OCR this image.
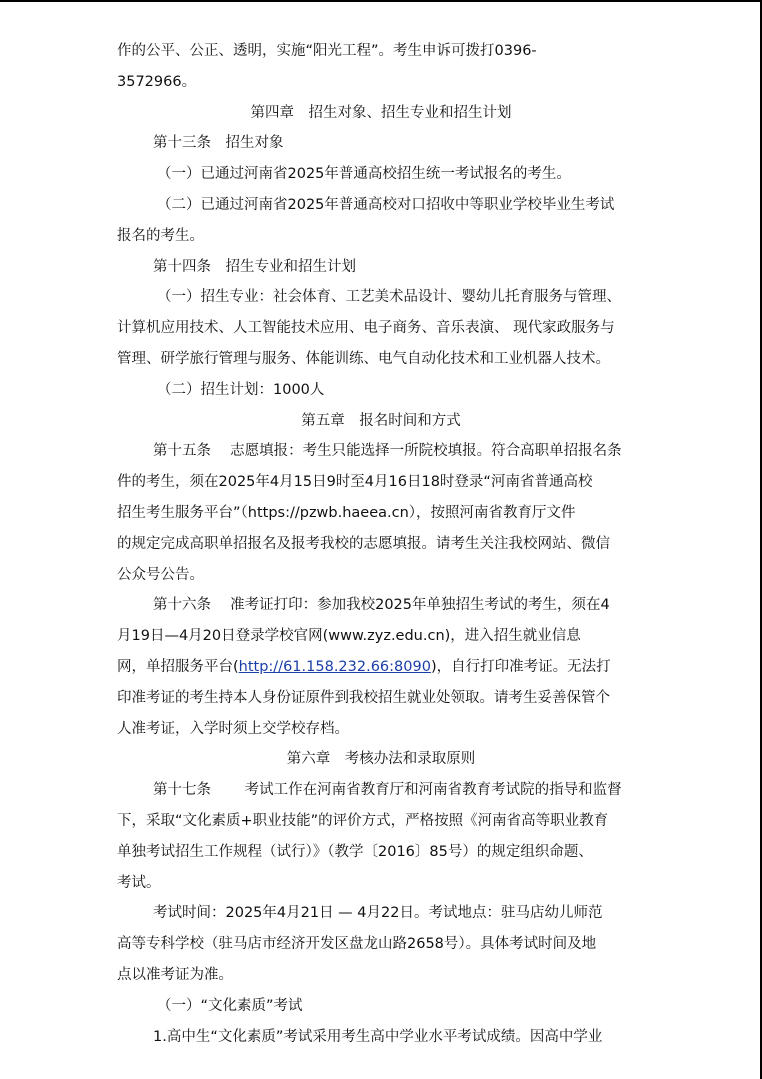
作的公平、公正、透明，实施“阳光工程”。考生申诉可拨打0396-
3572966。
第四章　招生对象、招生专业和招生计划
第十三条　招生对象
（一）已通过河南省2025年普通高校招生统一考试报名的考生。
（二）已通过河南省2025年普通高校对口招收中等职业学校毕业生考试
报名的考生。
第十四条　招生专业和招生计划
（一）招生专业：社会体育、工艺美术品设计、婴幼儿托育服务与管理、
计算机应用技术、人工智能技术应用、电子商务、音乐表演、 现代家政服务与
管理、研学旅行管理与服务、体能训练、电气自动化技术和工业机器人技术。
（二）招生计划：1000人
第五章　报名时间和方式
第十五条　 志愿填报：考生只能选择一所院校填报。符合高职单招报名条
件的考生，须在2025年4月15日9时至4月16日18时登录“河南省普通高校
招生考生服务平台”（https://pzwb.haeea.cn），按照河南省教育厅文件
的规定完成高职单招报名及报考我校的志愿填报。请考生关注我校网站、微信
公众号公告。
第十六条　 准考证打印：参加我校2025年单独招生考试的考生，须在4
月19日—4月20日登录学校官网(www.zyz.edu.cn)，进入招生就业信息
网，单招服务平台(http://61.158.232.66:8090)，自行打印准考证。无法打
印准考证的考生持本人身份证原件到我校招生就业处领取。请考生妥善保管个
人准考证，入学时须上交学校存档。
第六章　考核办法和录取原则
第十七条　　 考试工作在河南省教育厅和河南省教育考试院的指导和监督
下，采取“文化素质+职业技能”的评价方式，严格按照《河南省高等职业教育
单独考试招生工作规程（试行）》（教学〔2016〕85号）的规定组织命题、
考试。
考试时间：2025年4月21日 — 4月22日。考试地点：驻马店幼儿师范
高等专科学校（驻马店市经济开发区盘龙山路2658号）。具体考试时间及地
点以准考证为准。
（一）“文化素质”考试
1.高中生“文化素质”考试采用考生高中学业水平考试成绩。因高中学业
